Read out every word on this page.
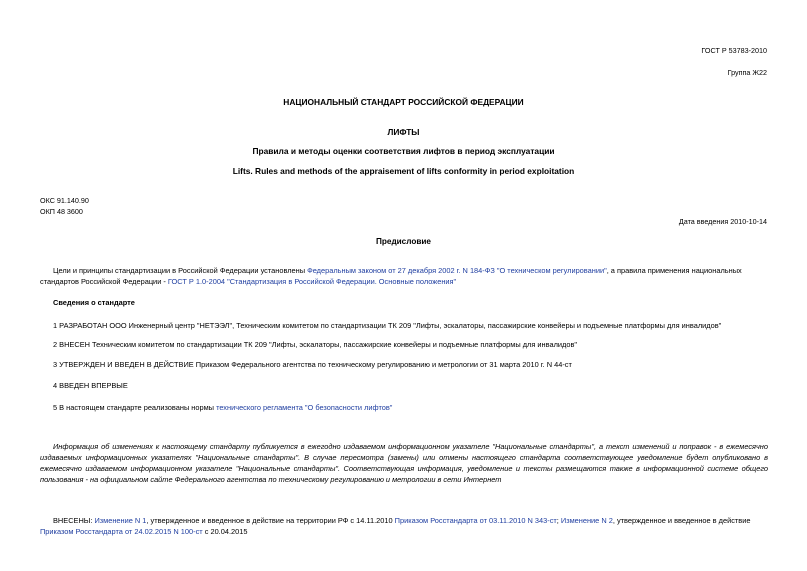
ГОСТ Р 53783-2010
Группа Ж22
НАЦИОНАЛЬНЫЙ СТАНДАРТ РОССИЙСКОЙ ФЕДЕРАЦИИ
ЛИФТЫ
Правила и методы оценки соответствия лифтов в период эксплуатации
Lifts. Rules and methods of the appraisement of lifts conformity in period exploitation
ОКС 91.140.90
ОКП 48 3600
Дата введения 2010-10-14
Предисловие
Цели и принципы стандартизации в Российской Федерации установлены Федеральным законом от 27 декабря 2002 г. N 184-ФЗ "О техническом регулировании", а правила применения национальных стандартов Российской Федерации - ГОСТ Р 1.0-2004 "Стандартизация в Российской Федерации. Основные положения"
Сведения о стандарте
1 РАЗРАБОТАН ООО Инженерный центр "НЕТЭЭЛ", Техническим комитетом по стандартизации ТК 209 "Лифты, эскалаторы, пассажирские конвейеры и подъемные платформы для инвалидов"
2 ВНЕСЕН Техническим комитетом по стандартизации ТК 209 "Лифты, эскалаторы, пассажирские конвейеры и подъемные платформы для инвалидов"
3 УТВЕРЖДЕН И ВВЕДЕН В ДЕЙСТВИЕ Приказом Федерального агентства по техническому регулированию и метрологии от 31 марта 2010 г. N 44-ст
4 ВВЕДЕН ВПЕРВЫЕ
5 В настоящем стандарте реализованы нормы технического регламента "О безопасности лифтов"
Информация об изменениях к настоящему стандарту публикуется в ежегодно издаваемом информационном указателе "Национальные стандарты", а текст изменений и поправок - в ежемесячно издаваемых информационных указателях "Национальные стандарты". В случае пересмотра (замены) или отмены настоящего стандарта соответствующее уведомление будет опубликовано в ежемесячно издаваемом информационном указателе "Национальные стандарты". Соответствующая информация, уведомление и тексты размещаются также в информационной системе общего пользования - на официальном сайте Федерального агентства по техническому регулированию и метрологии в сети Интернет
ВНЕСЕНЫ: Изменение N 1, утвержденное и введенное в действие на территории РФ с 14.11.2010 Приказом Росстандарта от 03.11.2010 N 343-ст; Изменение N 2, утвержденное и введенное в действие Приказом Росстандарта от 24.02.2015 N 100-ст с 20.04.2015
